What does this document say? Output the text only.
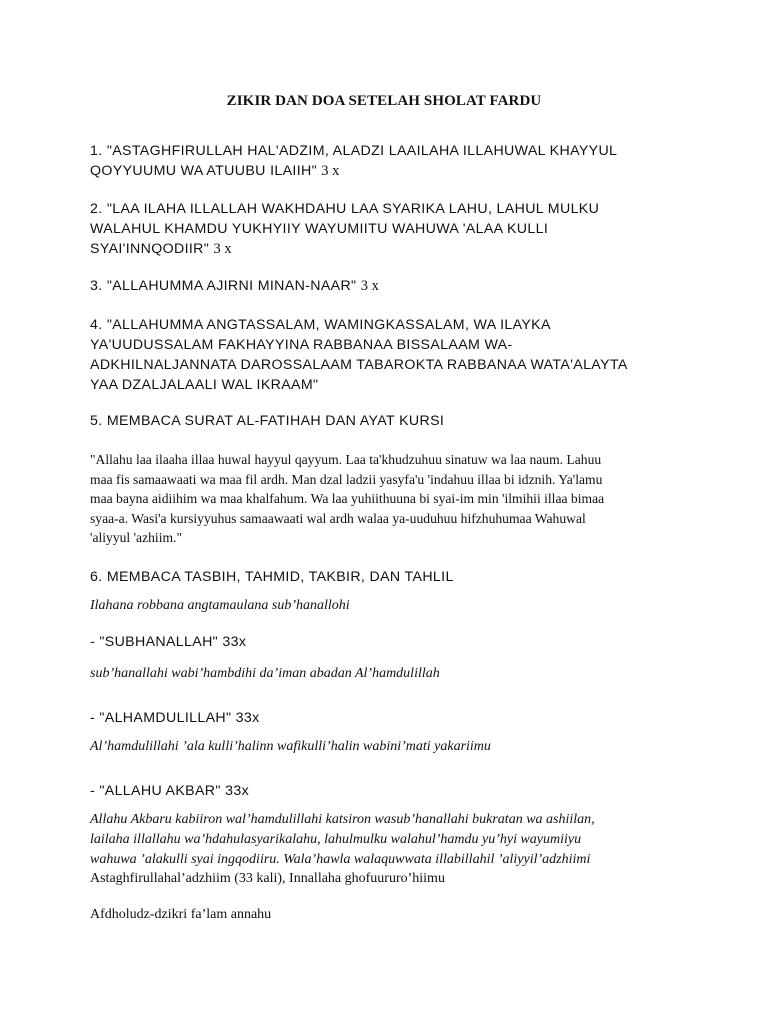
ZIKIR DAN DOA SETELAH SHOLAT FARDU

1. "ASTAGHFIRULLAH HAL'ADZIM, ALADZI LAAILAHA ILLAHUWAL KHAYYUL
QOYYUUMU WA ATUUBU ILAIIH" 3 x

2. "LAA ILAHA ILLALLAH WAKHDAHU LAA SYARIKA LAHU, LAHUL MULKU
WALAHUL KHAMDU YUKHYIIY WAYUMIITU WAHUWA 'ALAA KULLI
SYAI'INNQODIIR" 3 x

3. "ALLAHUMMA AJIRNI MINAN-NAAR" 3 x

4. "ALLAHUMMA ANGTASSALAM, WAMINGKASSALAM, WA ILAYKA
YA'UUDUSSALAM FAKHAYYINA RABBANAA BISSALAAM WA-
ADKHILNALJANNATA DAROSSALAAM TABAROKTA RABBANAA WATA'ALAYTA
YAA DZALJALAALI WAL IKRAAM"

5. MEMBACA SURAT AL-FATIHAH DAN AYAT KURSI

"Allahu laa ilaaha illaa huwal hayyul qayyum. Laa ta'khudzuhuu sinatuw wa laa naum. Lahuu
maa fis samaawaati wa maa fil ardh. Man dzal ladzii yasyfa'u 'indahuu illaa bi idznih. Ya'lamu
maa bayna aidiihim wa maa khalfahum. Wa laa yuhiithuuna bi syai-im min 'ilmihii illaa bimaa
syaa-a. Wasi'a kursiyyuhus samaawaati wal ardh walaa ya-uuduhuu hifzhuhumaa Wahuwal
'aliyyul 'azhiim."

6. MEMBACA TASBIH, TAHMID, TAKBIR, DAN TAHLIL

Ilahana robbana angtamaulana sub’hanallohi

- "SUBHANALLAH" 33x

sub’hanallahi wabi’hambdihi da’iman abadan Al’hamdulillah

- "ALHAMDULILLAH" 33x

Al’hamdulillahi ’ala kulli’halinn wafikulli’halin wabini’mati yakariimu

- "ALLAHU AKBAR" 33x

Allahu Akbaru kabiiron wal’hamdulillahi katsiron wasub’hanallahi bukratan wa ashiilan,
lailaha illallahu wa’hdahulasyarikalahu, lahulmulku walahul’hamdu yu’hyi wayumiiyu
wahuwa ’alakulli syai ingqodiiru. Wala’hawla walaquwwata illabillahil ’aliyyil’adzhiimi

Astaghfirullahal’adzhiim (33 kali), Innallaha ghofuururo’hiimu

Afdholudz-dzikri fa’lam annahu
